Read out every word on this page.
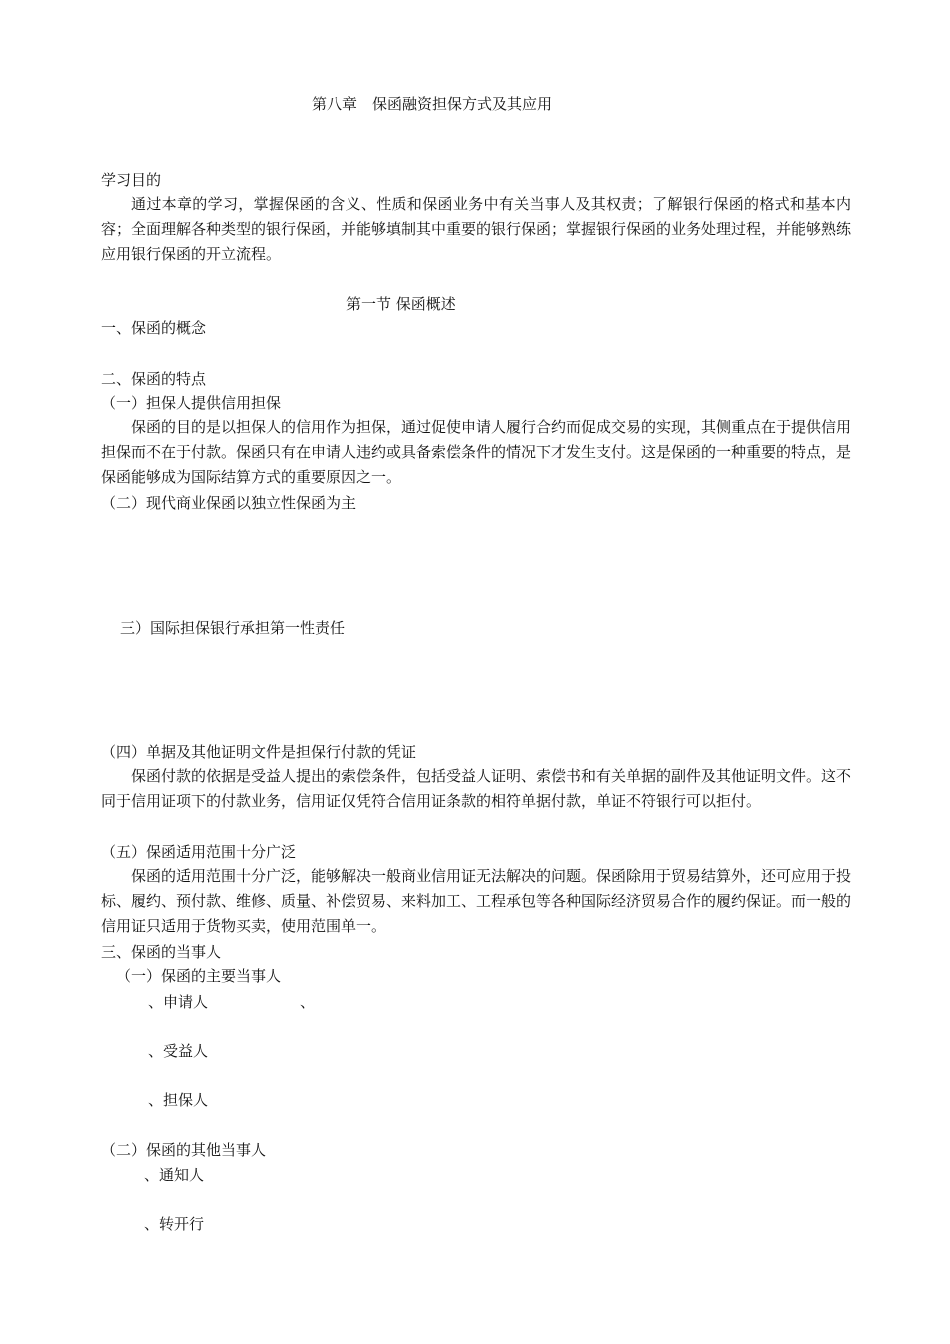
第八章　保函融资担保方式及其应用
学习目的
通过本章的学习，掌握保函的含义、性质和保函业务中有关当事人及其权责；了解银行保函的格式和基本内容；全面理解各种类型的银行保函，并能够填制其中重要的银行保函；掌握银行保函的业务处理过程，并能够熟练应用银行保函的开立流程。
第一节 保函概述
一、保函的概念
二、保函的特点
（一）担保人提供信用担保
保函的目的是以担保人的信用作为担保，通过促使申请人履行合约而促成交易的实现，其侧重点在于提供信用担保而不在于付款。保函只有在申请人违约或具备索偿条件的情况下才发生支付。这是保函的一种重要的特点，是保函能够成为国际结算方式的重要原因之一。
（二）现代商业保函以独立性保函为主
三）国际担保银行承担第一性责任
（四）单据及其他证明文件是担保行付款的凭证
保函付款的依据是受益人提出的索偿条件，包括受益人证明、索偿书和有关单据的副件及其他证明文件。这不同于信用证项下的付款业务，信用证仅凭符合信用证条款的相符单据付款，单证不符银行可以拒付。
（五）保函适用范围十分广泛
保函的适用范围十分广泛，能够解决一般商业信用证无法解决的问题。保函除用于贸易结算外，还可应用于投标、履约、预付款、维修、质量、补偿贸易、来料加工、工程承包等各种国际经济贸易合作的履约保证。而一般的信用证只适用于货物买卖，使用范围单一。
三、保函的当事人
（一）保函的主要当事人
、申请人	、
、受益人
、担保人
（二）保函的其他当事人
、通知人
、转开行
